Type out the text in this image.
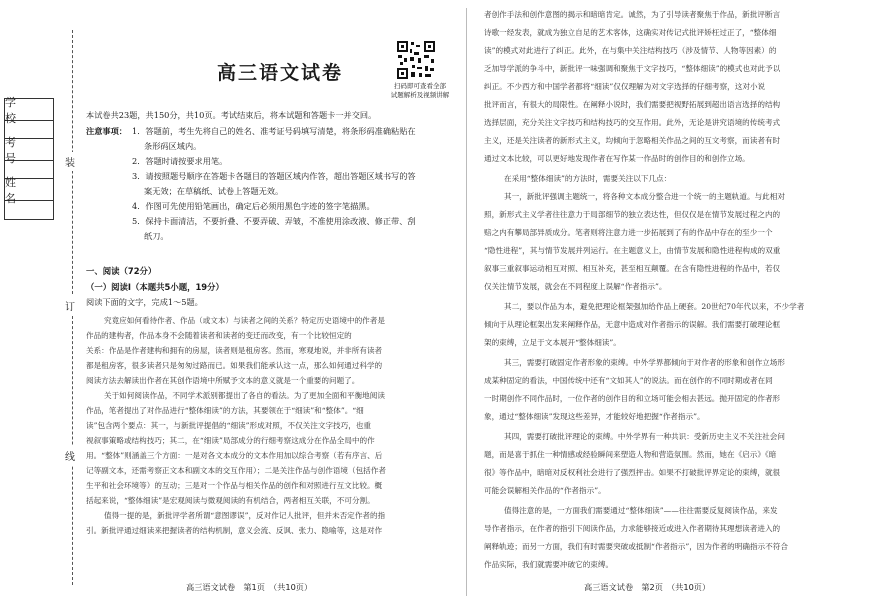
学 校
考 号
姓 名
装
订
线
高三语文试卷
扫码即可查看全部
试题解析及视频讲解
本试卷共23题，共150分，共10页。考试结束后，将本试题和答题卡一并交回。
注意事项： 1．答题前，考生先将自己的姓名、准考证号码填写清楚，将条形码准确粘贴在
条形码区域内。
2．答题时请按要求用笔。
3．请按照题号顺序在答题卡各题目的答题区域内作答，超出答题区域书写的答
案无效；在草稿纸、试卷上答题无效。
4．作图可先使用铅笔画出，确定后必须用黑色字迹的签字笔描黑。
5．保持卡面清洁，不要折叠、不要弄破、弄皱，不准使用涂改液、修正带、刮
纸刀。
一、阅读（72分）
（一）阅读Ⅰ（本题共5小题，19分）
阅读下面的文字，完成1～5题。
究竟应如何看待作者、作品（或文本）与读者之间的关系？特定历史语境中的作者是
作品的建构者，作品本身不会随着读者和读者的变迁而改变，有一个比较恒定的
关系：作品是作者建构和拥有的房屋，读者则是租房客。然而，寒观地说，并非所有读者
都是租房客，很多读者只是匆匆过路而已。如果我们能承认这一点，那么如何通过科学的
阅读方法去解读出作者在其创作语境中所赋予文本的意义就是一个重要的问题了。
关于如何阅读作品，不同学术派别都提出了各自的看法。为了更加全面和平衡地阅读
作品，笔者提出了对作品进行“整体细读”的方法，其要领在于“细读”和“整体”。“细
读”包含两个要点：其一，与新批评提倡的“细读”形成对照，不仅关注文字技巧，也重
视叙事策略或结构技巧；其二，在“细读”局部成分的行细考察这成分在作品全局中的作
用。“整体”则涵盖三个方面：一是对各文本成分的文本作用加以综合考察（若有序言、后
记等副文本，还需考察正文本和副文本的交互作用）；二是关注作品与创作语境（包括作者
生平和社会环境等）的互动；三是对一个作品与相关作品的创作和对照进行互文比较。概
括起来说，“整体细读”是宏观阅读与微观阅读的有机结合，两者相互关联，不可分割。
值得一提的是，新批评学者所谓“意图谬误”，反对作记人批评，但并未否定作者的指
引。新批评通过细读来把握读者的结构机制，意义会流、反讽、张力、隐喻等，这是对作
者创作手法和创作意图的揭示和暗暗肯定。诚然，为了引导读者聚焦于作品，新批评断言
诗歌一经发表，就成为独立自足的艺术客体，这确实对传记式批评矫枉过正了，“整体细
读”的模式对此进行了纠正。此外，在与集中关注结构技巧（涉及情节、人物等因素）的
乏加导学派的争斗中，新批评一味强调和聚焦于文字技巧，“整体细读”的模式也对此予以
纠正。不少西方和中国学者都将“细读”仅仅理解为对文字选择的仔细考察，这对小说
批评而言，有很大的局限性。在阐释小说时，我们需要把视野拓展到超出语言选择的结构
选择层面，充分关注文字技巧和结构技巧的交互作用。此外，无论是讲究语境的传统考式
主义，还是关注读者的新形式主义，均倾向于忽略相关作品之间的互文考察，而读者有时
通过文本比较，可以更好地发现作者在写作某一作品时的创作目的和创作立场。
在采用“整体细读”的方法时，需要关注以下几点：
其一，新批评强调主题统一，将各种文本成分整合进一个统一的主题轨道。与此相对
照，新形式主义学者往往意力于局部细节的独立表达性，但仅仅是在情节发展过程之内的
赔之内有攀局部异质成分。笔者则将注意力进一步拓展到了有的作品中存在的至少一个
“隐性进程”，其与情节发展并列运行。在主题意义上，由情节发展和隐性进程构成的双重
叙事三重叙事运动相互对照、相互补充，甚至相互颠覆。在含有隐性进程的作品中，若仅
仅关注情节发展，就会在不同程度上误解“作者指示”。
其二，要以作品为本，避免把理论框架强加给作品上硬套。20世纪70年代以来，不少学者
倾向于从理论框架出发来阐释作品，无意中造成对作者指示的误解。我们需要打破理论框
架的束缚，立足于文本展开“整体细读”。
其三，需要打破固定作者形象的束缚。中外学界都倾向于对作者的形象和创作立场形
成某种固定的看法，中国传统中还有“文如其人”的说法。而在创作的不同时期或者在同
一时期创作不同作品时，一位作者的创作目的和立场可能会相去甚远。抛开固定的作者形
象，通过“整体细读”发现这些差异，才能较好地把握“作者指示”。
其四，需要打破批评理论的束缚。中外学界有一种共识：受新历史主义不关注社会问
题，而是喜于抓住一种情感或经验瞬间来塑造人物和营造氛围。然而，她在《启示》《暗
很》等作品中，暗暗对反权利社会进行了强烈抨击。如果不打破批评界定论的束缚，就很
可能会误解相关作品的“作者指示”。
值得注意的是，一方面我们需要通过“整体细读”——往往需要反复阅读作品，来发
导作者指示，在作者的指引下阅读作品，力求能够接近或进入作者期待其理想读者进入的
阐释轨迹；而另一方面，我们有时需要突破或抵制“作者指示”，因为作者的明确指示不符合
作品实际，我们就需要冲破它的束缚。
高三语文试卷　第1页　（共10页）	高三语文试卷　第2页　（共10页）
